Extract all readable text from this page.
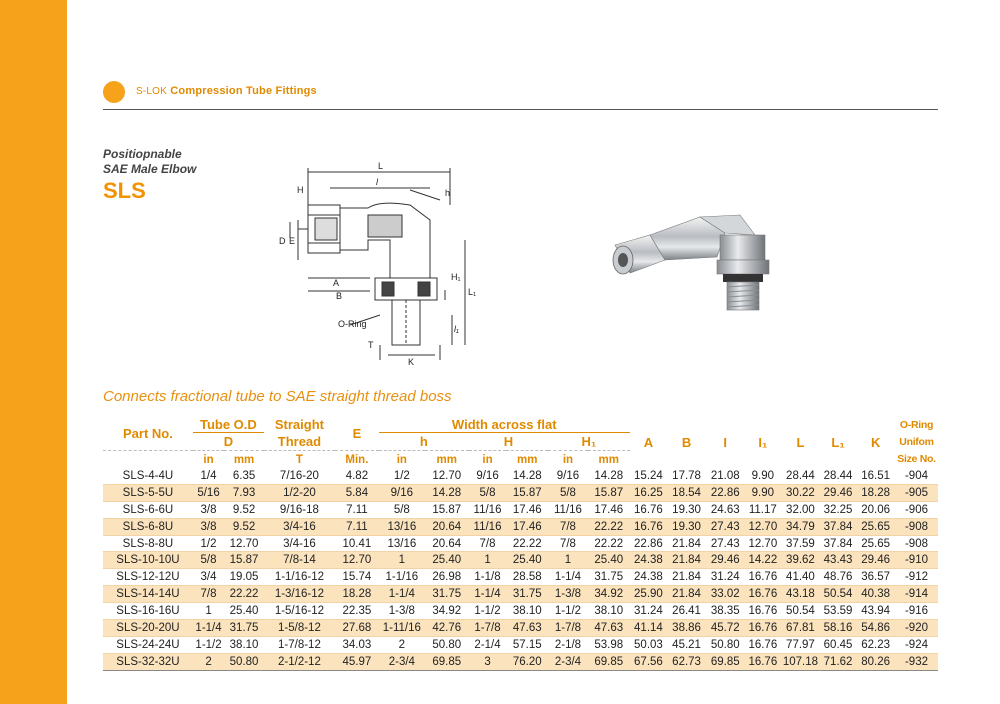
S-LOK Compression Tube Fittings
Positiopnable
SAE Male Elbow
SLS
L
l
H	h
D E
A
B
H₁
L₁
l₁
O-Ring
T
K
Connects fractional tube to SAE straight thread boss
Part No.	Tube O.D		Straight	E	Width across flat						A	B	I	I₁	L	L₁	K	O-Ring
	D		Thread		h		H		H₁									Unifom
	in	mm	T	Min.	in	mm	in	mm	in	mm								Size No.
SLS-4-4U	1/4	6.35	7/16-20	4.82	1/2	12.70	9/16	14.28	9/16	14.28	15.24	17.78	21.08	9.90	28.44	28.44	16.51	-904
SLS-5-5U	5/16	7.93	1/2-20	5.84	9/16	14.28	5/8	15.87	5/8	15.87	16.25	18.54	22.86	9.90	30.22	29.46	18.28	-905
SLS-6-6U	3/8	9.52	9/16-18	7.11	5/8	15.87	11/16	17.46	11/16	17.46	16.76	19.30	24.63	11.17	32.00	32.25	20.06	-906
SLS-6-8U	3/8	9.52	3/4-16	7.11	13/16	20.64	11/16	17.46	7/8	22.22	16.76	19.30	27.43	12.70	34.79	37.84	25.65	-908
SLS-8-8U	1/2	12.70	3/4-16	10.41	13/16	20.64	7/8	22.22	7/8	22.22	22.86	21.84	27.43	12.70	37.59	37.84	25.65	-908
SLS-10-10U	5/8	15.87	7/8-14	12.70	1	25.40	1	25.40	1	25.40	24.38	21.84	29.46	14.22	39.62	43.43	29.46	-910
SLS-12-12U	3/4	19.05	1-1/16-12	15.74	1-1/16	26.98	1-1/8	28.58	1-1/4	31.75	24.38	21.84	31.24	16.76	41.40	48.76	36.57	-912
SLS-14-14U	7/8	22.22	1-3/16-12	18.28	1-1/4	31.75	1-1/4	31.75	1-3/8	34.92	25.90	21.84	33.02	16.76	43.18	50.54	40.38	-914
SLS-16-16U	1	25.40	1-5/16-12	22.35	1-3/8	34.92	1-1/2	38.10	1-1/2	38.10	31.24	26.41	38.35	16.76	50.54	53.59	43.94	-916
SLS-20-20U	1-1/4	31.75	1-5/8-12	27.68	1-11/16	42.76	1-7/8	47.63	1-7/8	47.63	41.14	38.86	45.72	16.76	67.81	58.16	54.86	-920
SLS-24-24U	1-1/2	38.10	1-7/8-12	34.03	2	50.80	2-1/4	57.15	2-1/8	53.98	50.03	45.21	50.80	16.76	77.97	60.45	62.23	-924
SLS-32-32U	2	50.80	2-1/2-12	45.97	2-3/4	69.85	3	76.20	2-3/4	69.85	67.56	62.73	69.85	16.76	107.18	71.62	80.26	-932
